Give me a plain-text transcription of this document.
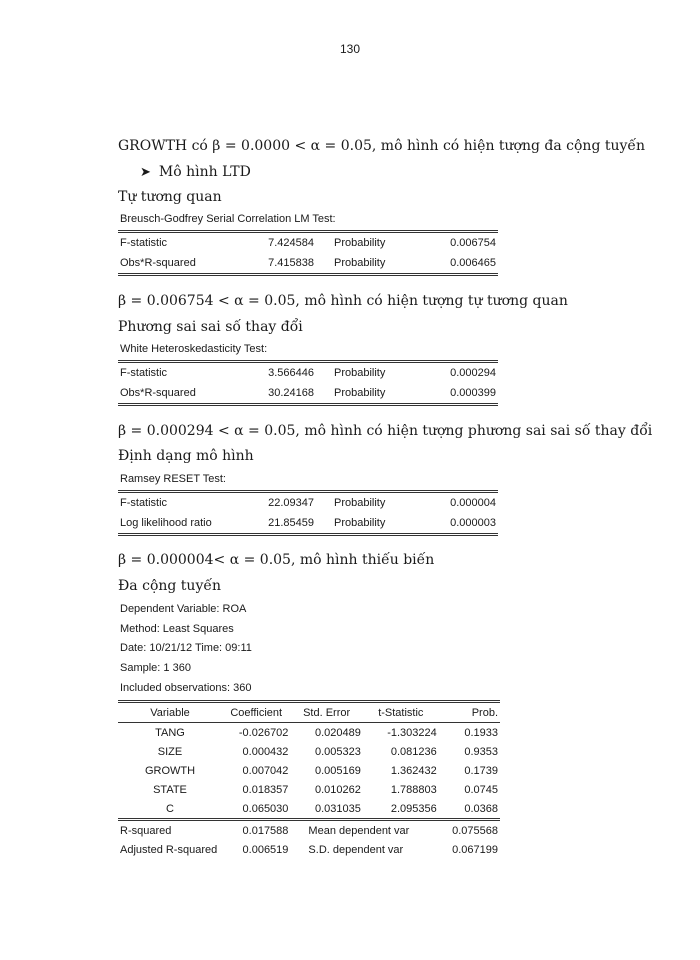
130
GROWTH có β = 0.0000 < α = 0.05, mô hình có hiện tượng đa cộng tuyến
➤ Mô hình LTD
Tự tương quan
Breusch-Godfrey Serial Correlation LM Test:
F-statistic	7.424584	Probability	0.006754
Obs*R-squared	7.415838	Probability	0.006465
β = 0.006754 < α = 0.05, mô hình có hiện tượng tự tương quan
Phương sai sai số thay đổi
White Heteroskedasticity Test:
F-statistic	3.566446	Probability	0.000294
Obs*R-squared	30.24168	Probability	0.000399
β = 0.000294 < α = 0.05, mô hình có hiện tượng phương sai sai số thay đổi
Định dạng mô hình
Ramsey RESET Test:
F-statistic	22.09347	Probability	0.000004
Log likelihood ratio	21.85459	Probability	0.000003
β = 0.000004< α = 0.05, mô hình thiếu biến
Đa cộng tuyến
Dependent Variable: ROA
Method: Least Squares
Date: 10/21/12 Time: 09:11
Sample: 1 360
Included observations: 360
Variable	Coefficient	Std. Error	t-Statistic	Prob.
TANG	-0.026702	0.020489	-1.303224	0.1933
SIZE	0.000432	0.005323	0.081236	0.9353
GROWTH	0.007042	0.005169	1.362432	0.1739
STATE	0.018357	0.010262	1.788803	0.0745
C	0.065030	0.031035	2.095356	0.0368
R-squared	0.017588	Mean dependent var		0.075568
Adjusted R-squared	0.006519	S.D. dependent var		0.067199
